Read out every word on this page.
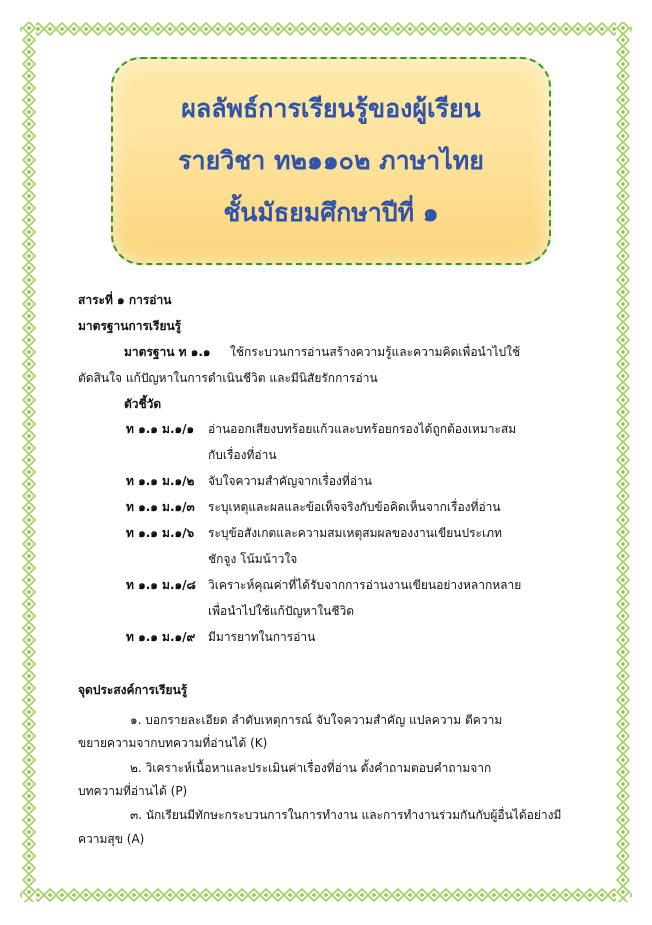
ผลลัพธ์การเรียนรู้ของผู้เรียน
รายวิชา ท๒๑๑๐๒ ภาษาไทย
ชั้นมัธยมศึกษาปีที่ ๑
สาระที่ ๑ การอ่าน
มาตรฐานการเรียนรู้
มาตรฐาน ท ๑.๑ ใช้กระบวนการอ่านสร้างความรู้และความคิดเพื่อนำไปใช้
ตัดสินใจ แก้ปัญหาในการดำเนินชีวิต และมีนิสัยรักการอ่าน
ตัวชี้วัด
ท ๑.๑ ม.๑/๑ อ่านออกเสียงบทร้อยแก้วและบทร้อยกรองได้ถูกต้องเหมาะสม
กับเรื่องที่อ่าน
ท ๑.๑ ม.๑/๒ จับใจความสำคัญจากเรื่องที่อ่าน
ท ๑.๑ ม.๑/๓ ระบุเหตุและผลและข้อเท็จจริงกับข้อคิดเห็นจากเรื่องที่อ่าน
ท ๑.๑ ม.๑/๖ ระบุข้อสังเกตและความสมเหตุสมผลของงานเขียนประเภท
ชักจูง โน้มน้าวใจ
ท ๑.๑ ม.๑/๘ วิเคราะห์คุณค่าที่ได้รับจากการอ่านงานเขียนอย่างหลากหลาย
เพื่อนำไปใช้แก้ปัญหาในชีวิต
ท ๑.๑ ม.๑/๙ มีมารยาทในการอ่าน
จุดประสงค์การเรียนรู้
๑. บอกรายละเอียด ลำดับเหตุการณ์ จับใจความสำคัญ แปลความ ตีความ
ขยายความจากบทความที่อ่านได้ (K)
๒. วิเคราะห์เนื้อหาและประเมินค่าเรื่องที่อ่าน ตั้งคำถามตอบคำถามจาก
บทความที่อ่านได้ (P)
๓. นักเรียนมีทักษะกระบวนการในการทำงาน และการทำงานร่วมกันกับผู้อื่นได้อย่างมี
ความสุข (A)
